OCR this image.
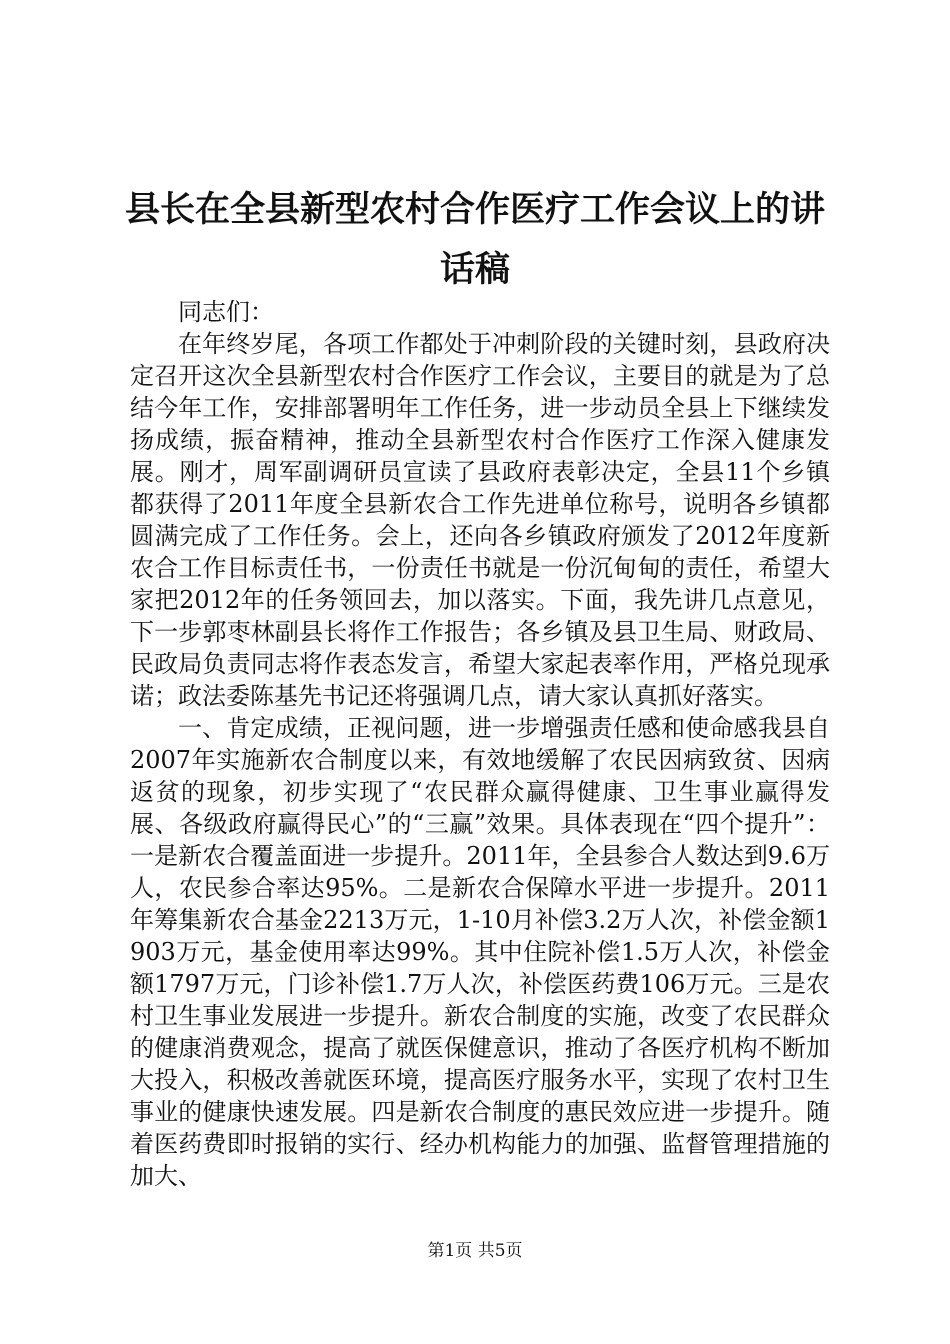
县长在全县新型农村合作医疗工作会议上的讲
话稿

同志们：

在年终岁尾，各项工作都处于冲刺阶段的关键时刻，县政府决定召开这次全县新型农村合作医疗工作会议，主要目的就是为了总结今年工作，安排部署明年工作任务，进一步动员全县上下继续发扬成绩，振奋精神，推动全县新型农村合作医疗工作深入健康发展。刚才，周军副调研员宣读了县政府表彰决定，全县11个乡镇都获得了2011年度全县新农合工作先进单位称号，说明各乡镇都圆满完成了工作任务。会上，还向各乡镇政府颁发了2012年度新农合工作目标责任书，一份责任书就是一份沉甸甸的责任，希望大家把2012年的任务领回去，加以落实。下面，我先讲几点意见，下一步郭枣林副县长将作工作报告；各乡镇及县卫生局、财政局、民政局负责同志将作表态发言，希望大家起表率作用，严格兑现承诺；政法委陈基先书记还将强调几点，请大家认真抓好落实。

一、肯定成绩，正视问题，进一步增强责任感和使命感我县自2007年实施新农合制度以来，有效地缓解了农民因病致贫、因病返贫的现象，初步实现了“农民群众赢得健康、卫生事业赢得发展、各级政府赢得民心”的“三赢”效果。具体表现在“四个提升”：一是新农合覆盖面进一步提升。2011年，全县参合人数达到9.6万人，农民参合率达95%。二是新农合保障水平进一步提升。2011年筹集新农合基金2213万元，1-10月补偿3.2万人次，补偿金额1903万元，基金使用率达99%。其中住院补偿1.5万人次，补偿金额1797万元，门诊补偿1.7万人次，补偿医药费106万元。三是农村卫生事业发展进一步提升。新农合制度的实施，改变了农民群众的健康消费观念，提高了就医保健意识，推动了各医疗机构不断加大投入，积极改善就医环境，提高医疗服务水平，实现了农村卫生事业的健康快速发展。四是新农合制度的惠民效应进一步提升。随着医药费即时报销的实行、经办机构能力的加强、监督管理措施的加大、

第1页 共5页
